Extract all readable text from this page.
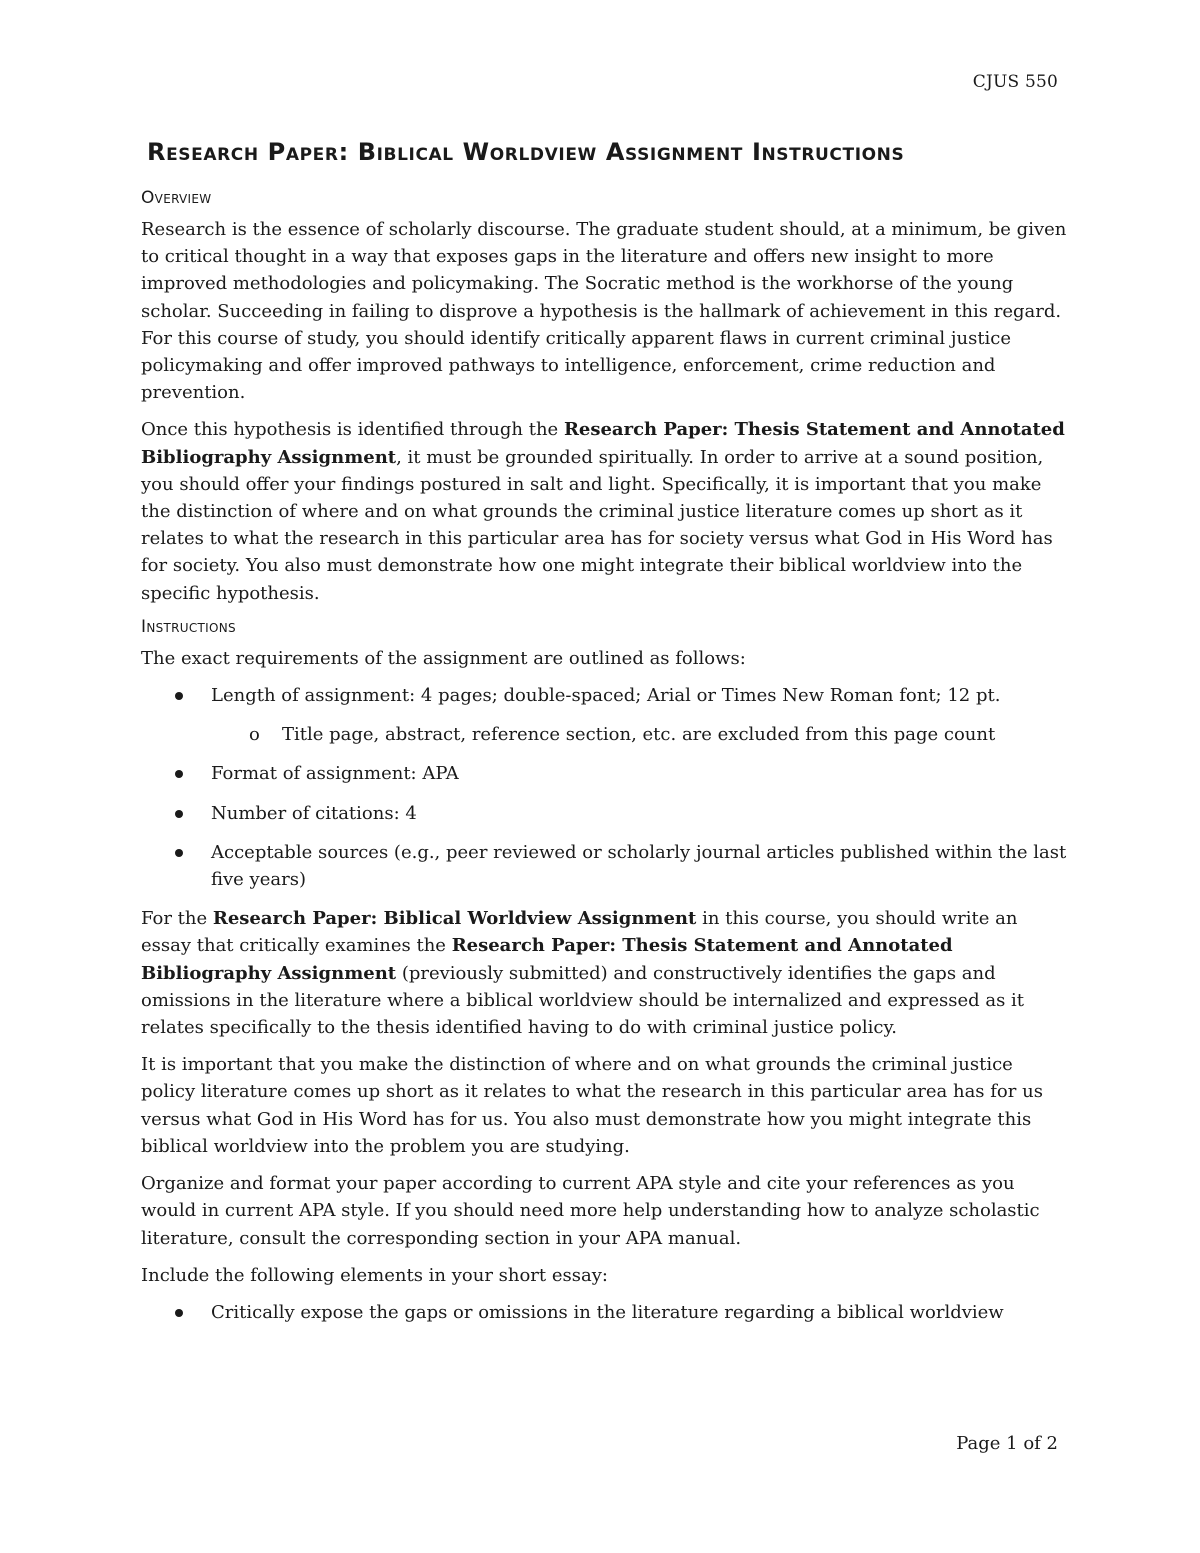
CJUS 550
Research Paper: Biblical Worldview Assignment Instructions
Overview

Research is the essence of scholarly discourse. The graduate student should, at a minimum, be given to critical thought in a way that exposes gaps in the literature and offers new insight to more improved methodologies and policymaking. The Socratic method is the workhorse of the young scholar. Succeeding in failing to disprove a hypothesis is the hallmark of achievement in this regard. For this course of study, you should identify critically apparent flaws in current criminal justice policymaking and offer improved pathways to intelligence, enforcement, crime reduction and prevention.

Once this hypothesis is identified through the Research Paper: Thesis Statement and Annotated Bibliography Assignment, it must be grounded spiritually. In order to arrive at a sound position, you should offer your findings postured in salt and light. Specifically, it is important that you make the distinction of where and on what grounds the criminal justice literature comes up short as it relates to what the research in this particular area has for society versus what God in His Word has for society. You also must demonstrate how one might integrate their biblical worldview into the specific hypothesis.

Instructions

The exact requirements of the assignment are outlined as follows:

Length of assignment: 4 pages; double-spaced; Arial or Times New Roman font; 12 pt.
o Title page, abstract, reference section, etc. are excluded from this page count
Format of assignment: APA
Number of citations: 4
Acceptable sources (e.g., peer reviewed or scholarly journal articles published within the last five years)

For the Research Paper: Biblical Worldview Assignment in this course, you should write an essay that critically examines the Research Paper: Thesis Statement and Annotated Bibliography Assignment (previously submitted) and constructively identifies the gaps and omissions in the literature where a biblical worldview should be internalized and expressed as it relates specifically to the thesis identified having to do with criminal justice policy.

It is important that you make the distinction of where and on what grounds the criminal justice policy literature comes up short as it relates to what the research in this particular area has for us versus what God in His Word has for us. You also must demonstrate how you might integrate this biblical worldview into the problem you are studying.

Organize and format your paper according to current APA style and cite your references as you would in current APA style. If you should need more help understanding how to analyze scholastic literature, consult the corresponding section in your APA manual.

Include the following elements in your short essay:

Critically expose the gaps or omissions in the literature regarding a biblical worldview
Page 1 of 2
